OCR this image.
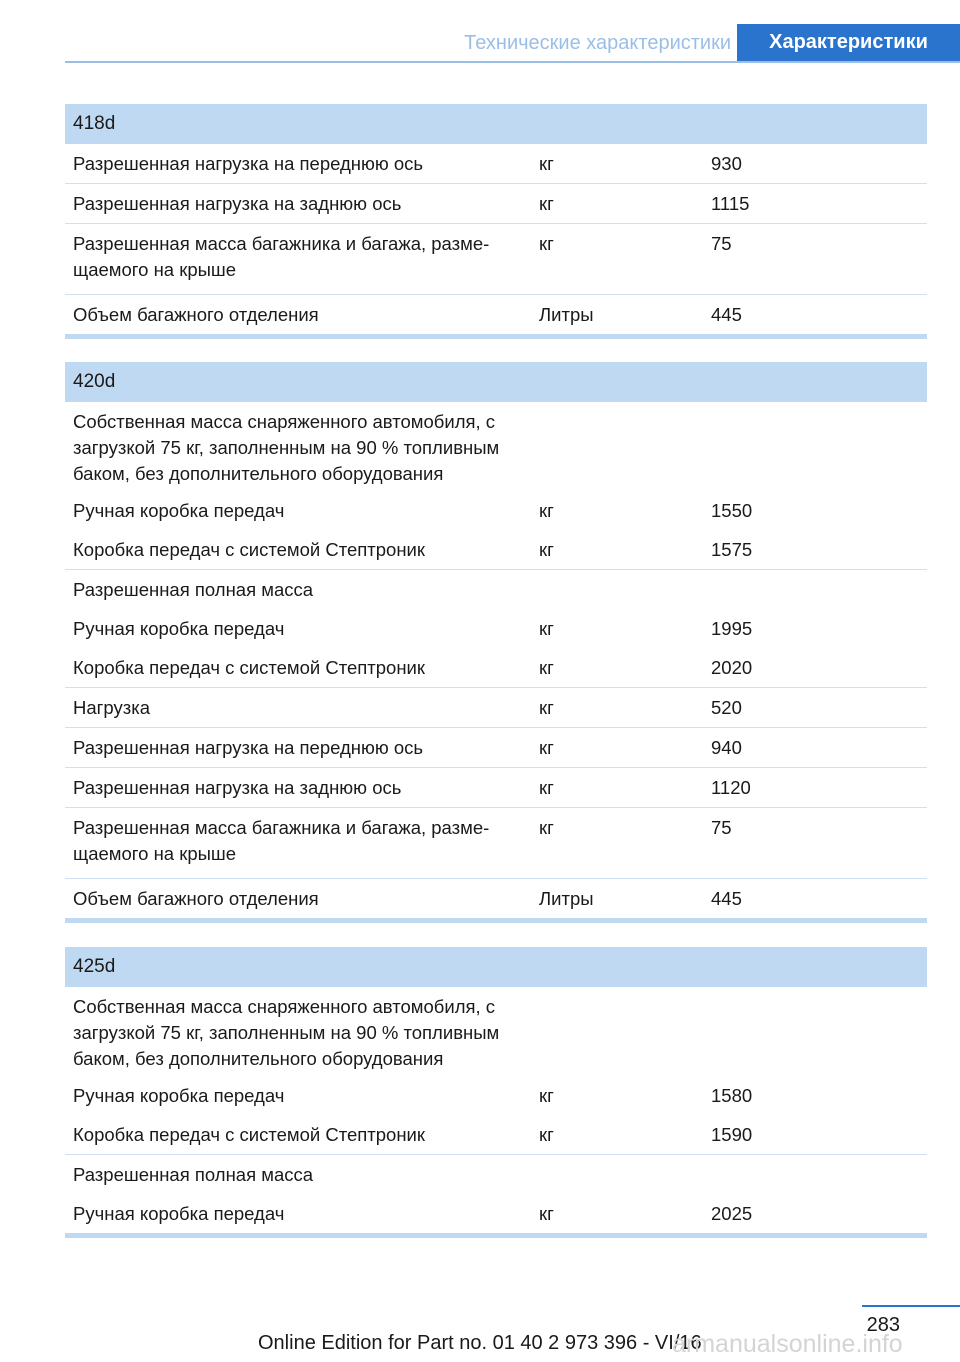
Технические характеристики	Характеристики
418d
Разрешенная нагрузка на переднюю ось	кг	930
Разрешенная нагрузка на заднюю ось	кг	1115
Разрешенная масса багажника и багажа, разме-
щаемого на крыше
кг	75
Объем багажного отделения	Литры	445
420d
Собственная масса снаряженного автомобиля, с
загрузкой 75 кг, заполненным на 90 % топливным
баком, без дополнительного оборудования
Ручная коробка передач	кг	1550
Коробка передач с системой Стептроник	кг	1575
Разрешенная полная масса
Ручная коробка передач	кг	1995
Коробка передач с системой Стептроник	кг	2020
Нагрузка	кг	520
Разрешенная нагрузка на переднюю ось	кг	940
Разрешенная нагрузка на заднюю ось	кг	1120
Разрешенная масса багажника и багажа, разме-
щаемого на крыше
кг	75
Объем багажного отделения	Литры	445
425d
Собственная масса снаряженного автомобиля, с
загрузкой 75 кг, заполненным на 90 % топливным
баком, без дополнительного оборудования
Ручная коробка передач	кг	1580
Коробка передач с системой Стептроник	кг	1590
Разрешенная полная масса
Ручная коробка передач	кг	2025
283
Online Edition for Part no. 01 40 2 973 396 - VI/16
armanualsonline.info
